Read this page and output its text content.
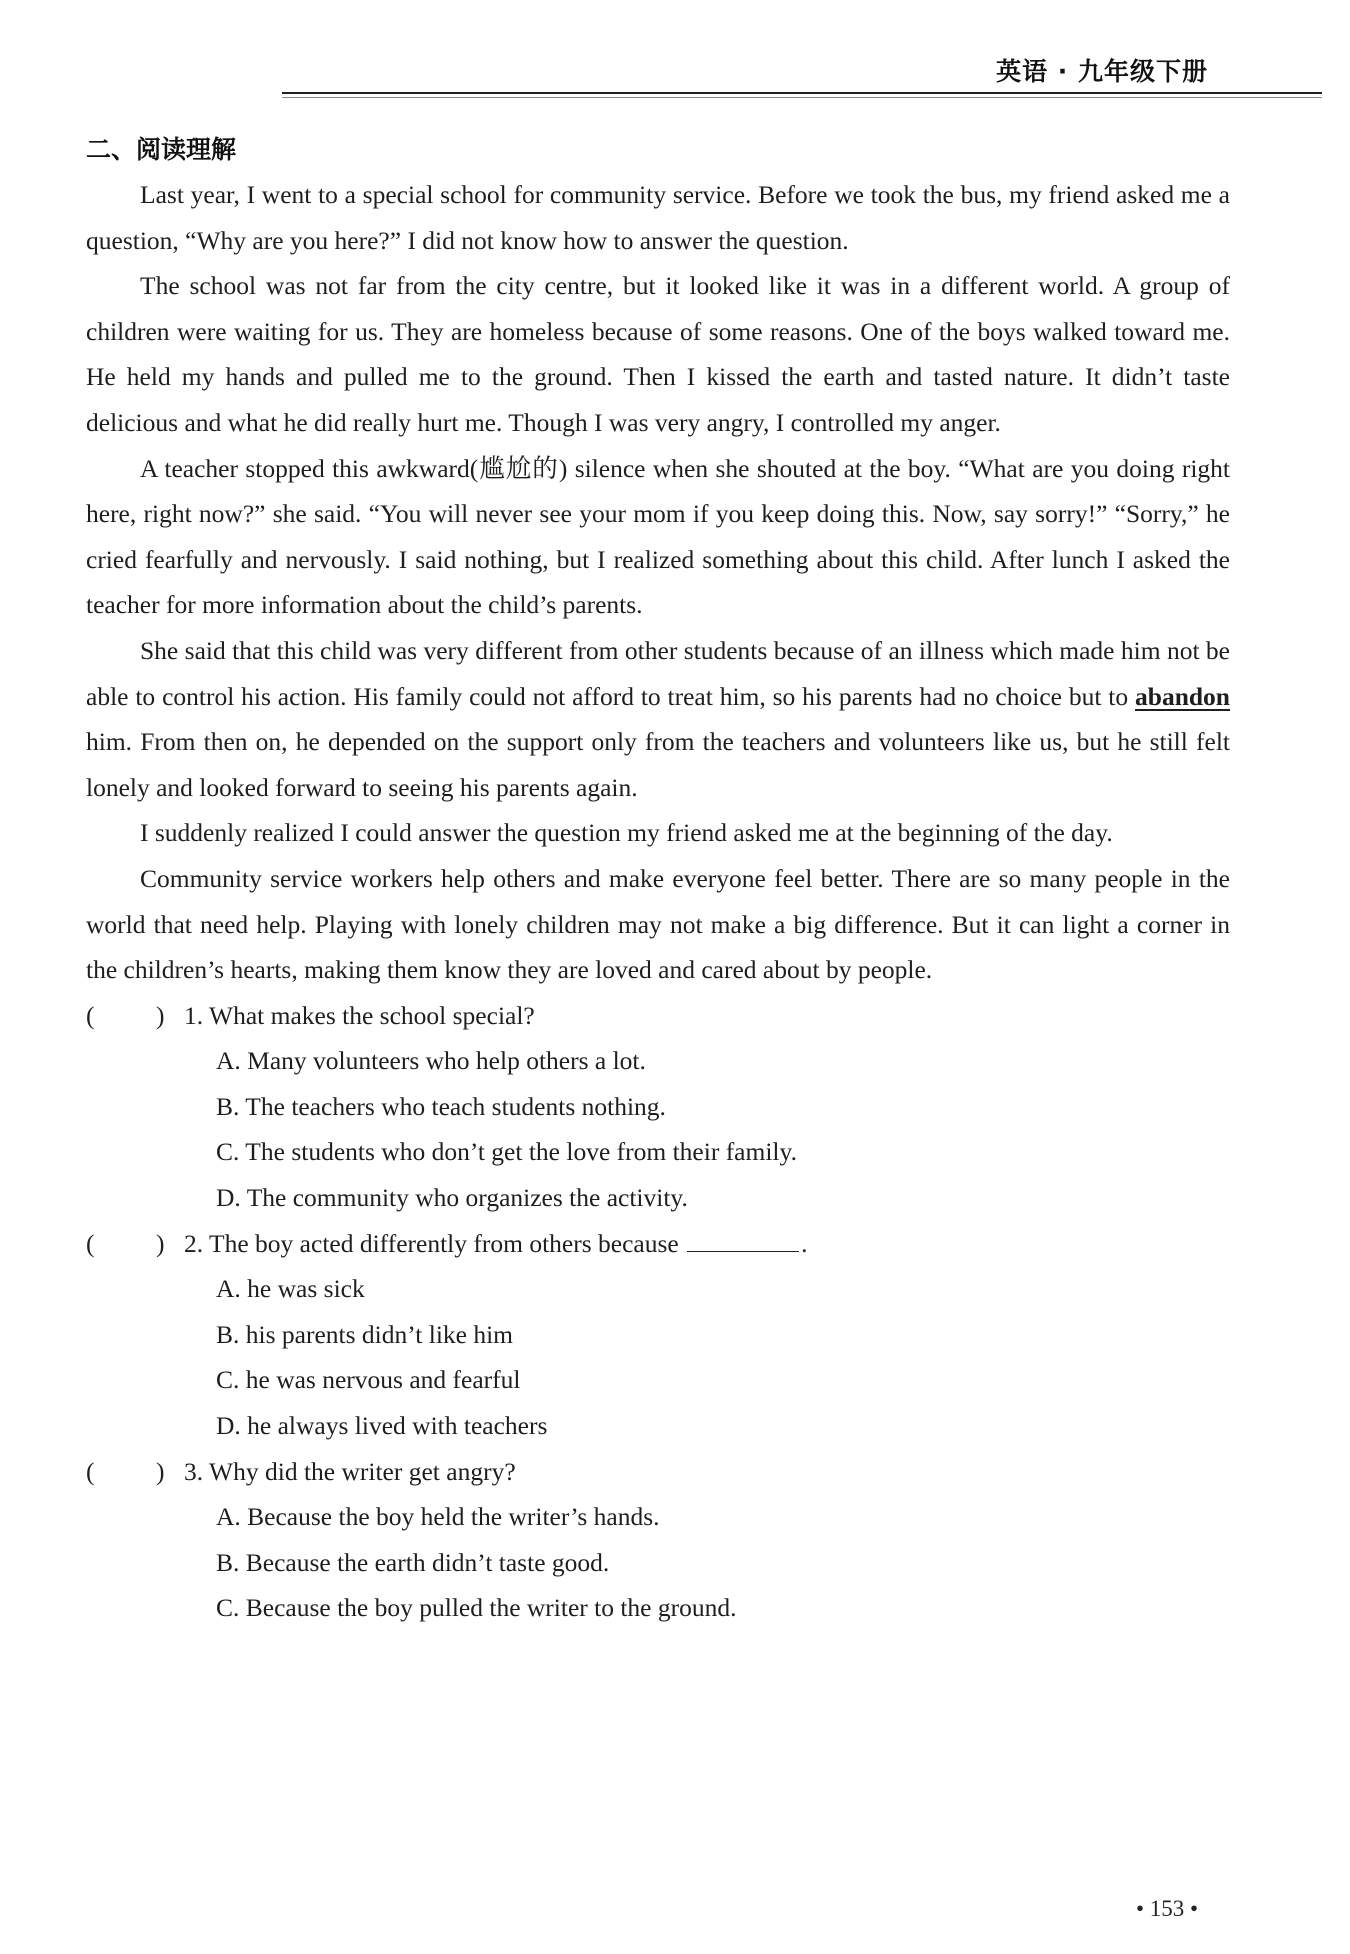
英语 · 九年级下册
二、阅读理解

Last year, I went to a special school for community service. Before we took the bus, my friend asked me a question, “Why are you here?” I did not know how to answer the question.

The school was not far from the city centre, but it looked like it was in a different world. A group of children were waiting for us. They are homeless because of some reasons. One of the boys walked toward me. He held my hands and pulled me to the ground. Then I kissed the earth and tasted nature. It didn’t taste delicious and what he did really hurt me. Though I was very angry, I controlled my anger.

A teacher stopped this awkward(尴尬的) silence when she shouted at the boy. “What are you doing right here, right now?” she said. “You will never see your mom if you keep doing this. Now, say sorry!” “Sorry,” he cried fearfully and nervously. I said nothing, but I realized something about this child. After lunch I asked the teacher for more information about the child’s parents.

She said that this child was very different from other students because of an illness which made him not be able to control his action. His family could not afford to treat him, so his parents had no choice but to abandon him. From then on, he depended on the support only from the teachers and volunteers like us, but he still felt lonely and looked forward to seeing his parents again.

I suddenly realized I could answer the question my friend asked me at the beginning of the day.

Community service workers help others and make everyone feel better. There are so many people in the world that need help. Playing with lonely children may not make a big difference. But it can light a corner in the children’s hearts, making them know they are loved and cared about by people.

( ) 1. What makes the school special?
A. Many volunteers who help others a lot.
B. The teachers who teach students nothing.
C. The students who don’t get the love from their family.
D. The community who organizes the activity.
( ) 2. The boy acted differently from others because	.
A. he was sick
B. his parents didn’t like him
C. he was nervous and fearful
D. he always lived with teachers
( ) 3. Why did the writer get angry?
A. Because the boy held the writer’s hands.
B. Because the earth didn’t taste good.
C. Because the boy pulled the writer to the ground.
• 153 •
